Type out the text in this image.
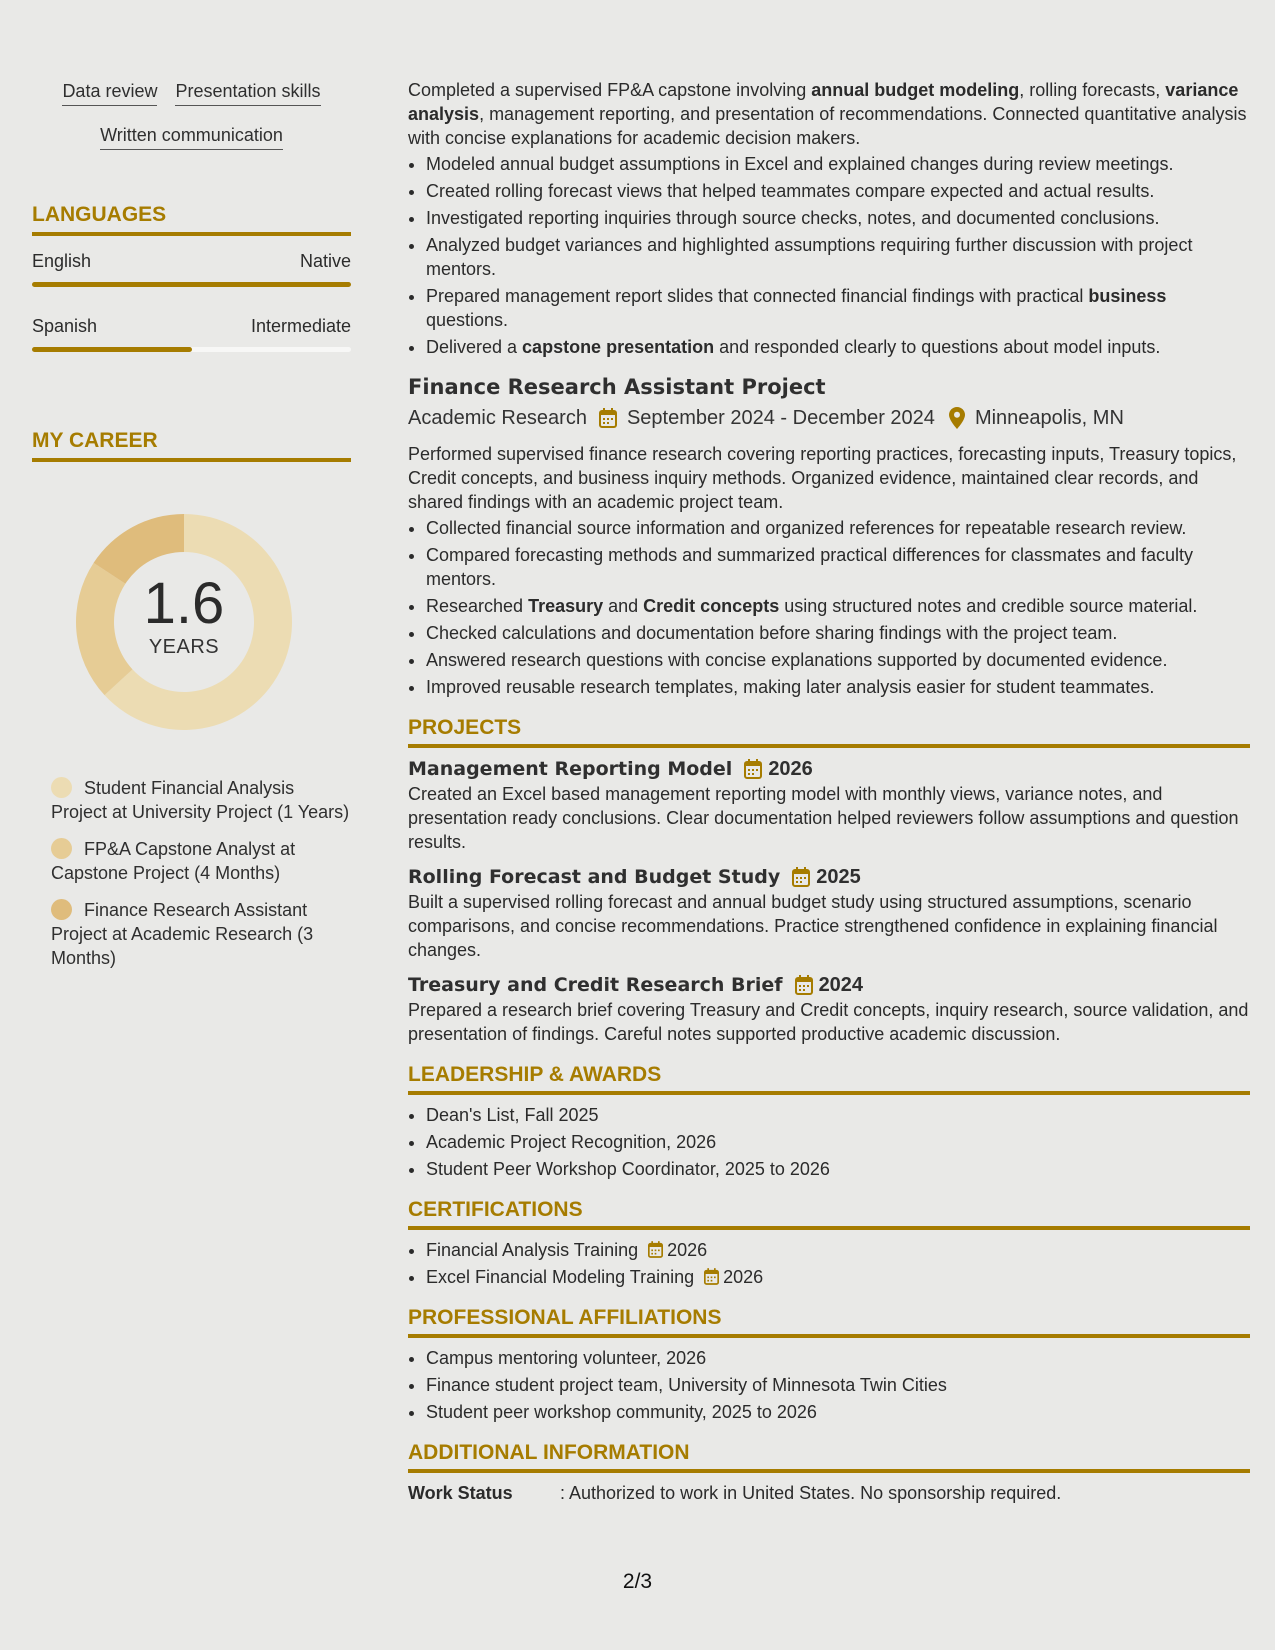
Data review Presentation skills
Written communication
LANGUAGES
English	Native
Spanish	Intermediate
MY CAREER
1.6
YEARS
Student Financial Analysis Project at University Project (1 Years)
FP&A Capstone Analyst at Capstone Project (4 Months)
Finance Research Assistant Project at Academic Research (3 Months)

Completed a supervised FP&A capstone involving annual budget modeling, rolling forecasts, variance analysis, management reporting, and presentation of recommendations. Connected quantitative analysis with concise explanations for academic decision makers.

• Modeled annual budget assumptions in Excel and explained changes during review meetings.
• Created rolling forecast views that helped teammates compare expected and actual results.
• Investigated reporting inquiries through source checks, notes, and documented conclusions.
• Analyzed budget variances and highlighted assumptions requiring further discussion with project mentors.
• Prepared management report slides that connected financial findings with practical business questions.
• Delivered a capstone presentation and responded clearly to questions about model inputs.
Finance Research Assistant Project
Academic Research September 2024 - December 2024 Minneapolis, MN

Performed supervised finance research covering reporting practices, forecasting inputs, Treasury topics, Credit concepts, and business inquiry methods. Organized evidence, maintained clear records, and shared findings with an academic project team.

• Collected financial source information and organized references for repeatable research review.
• Compared forecasting methods and summarized practical differences for classmates and faculty mentors.
• Researched Treasury and Credit concepts using structured notes and credible source material.
• Checked calculations and documentation before sharing findings with the project team.
• Answered research questions with concise explanations supported by documented evidence.
• Improved reusable research templates, making later analysis easier for student teammates.
PROJECTS
Management Reporting Model 2026

Created an Excel based management reporting model with monthly views, variance notes, and presentation ready conclusions. Clear documentation helped reviewers follow assumptions and question results.

Rolling Forecast and Budget Study 2025

Built a supervised rolling forecast and annual budget study using structured assumptions, scenario comparisons, and concise recommendations. Practice strengthened confidence in explaining financial changes.

Treasury and Credit Research Brief 2024

Prepared a research brief covering Treasury and Credit concepts, inquiry research, source validation, and presentation of findings. Careful notes supported productive academic discussion.

LEADERSHIP & AWARDS
• Dean's List, Fall 2025
• Academic Project Recognition, 2026
• Student Peer Workshop Coordinator, 2025 to 2026
CERTIFICATIONS
• Financial Analysis Training 2026
• Excel Financial Modeling Training 2026
PROFESSIONAL AFFILIATIONS
• Campus mentoring volunteer, 2026
• Finance student project team, University of Minnesota Twin Cities
• Student peer workshop community, 2025 to 2026
ADDITIONAL INFORMATION
Work Status	: Authorized to work in United States. No sponsorship required.
2/3
